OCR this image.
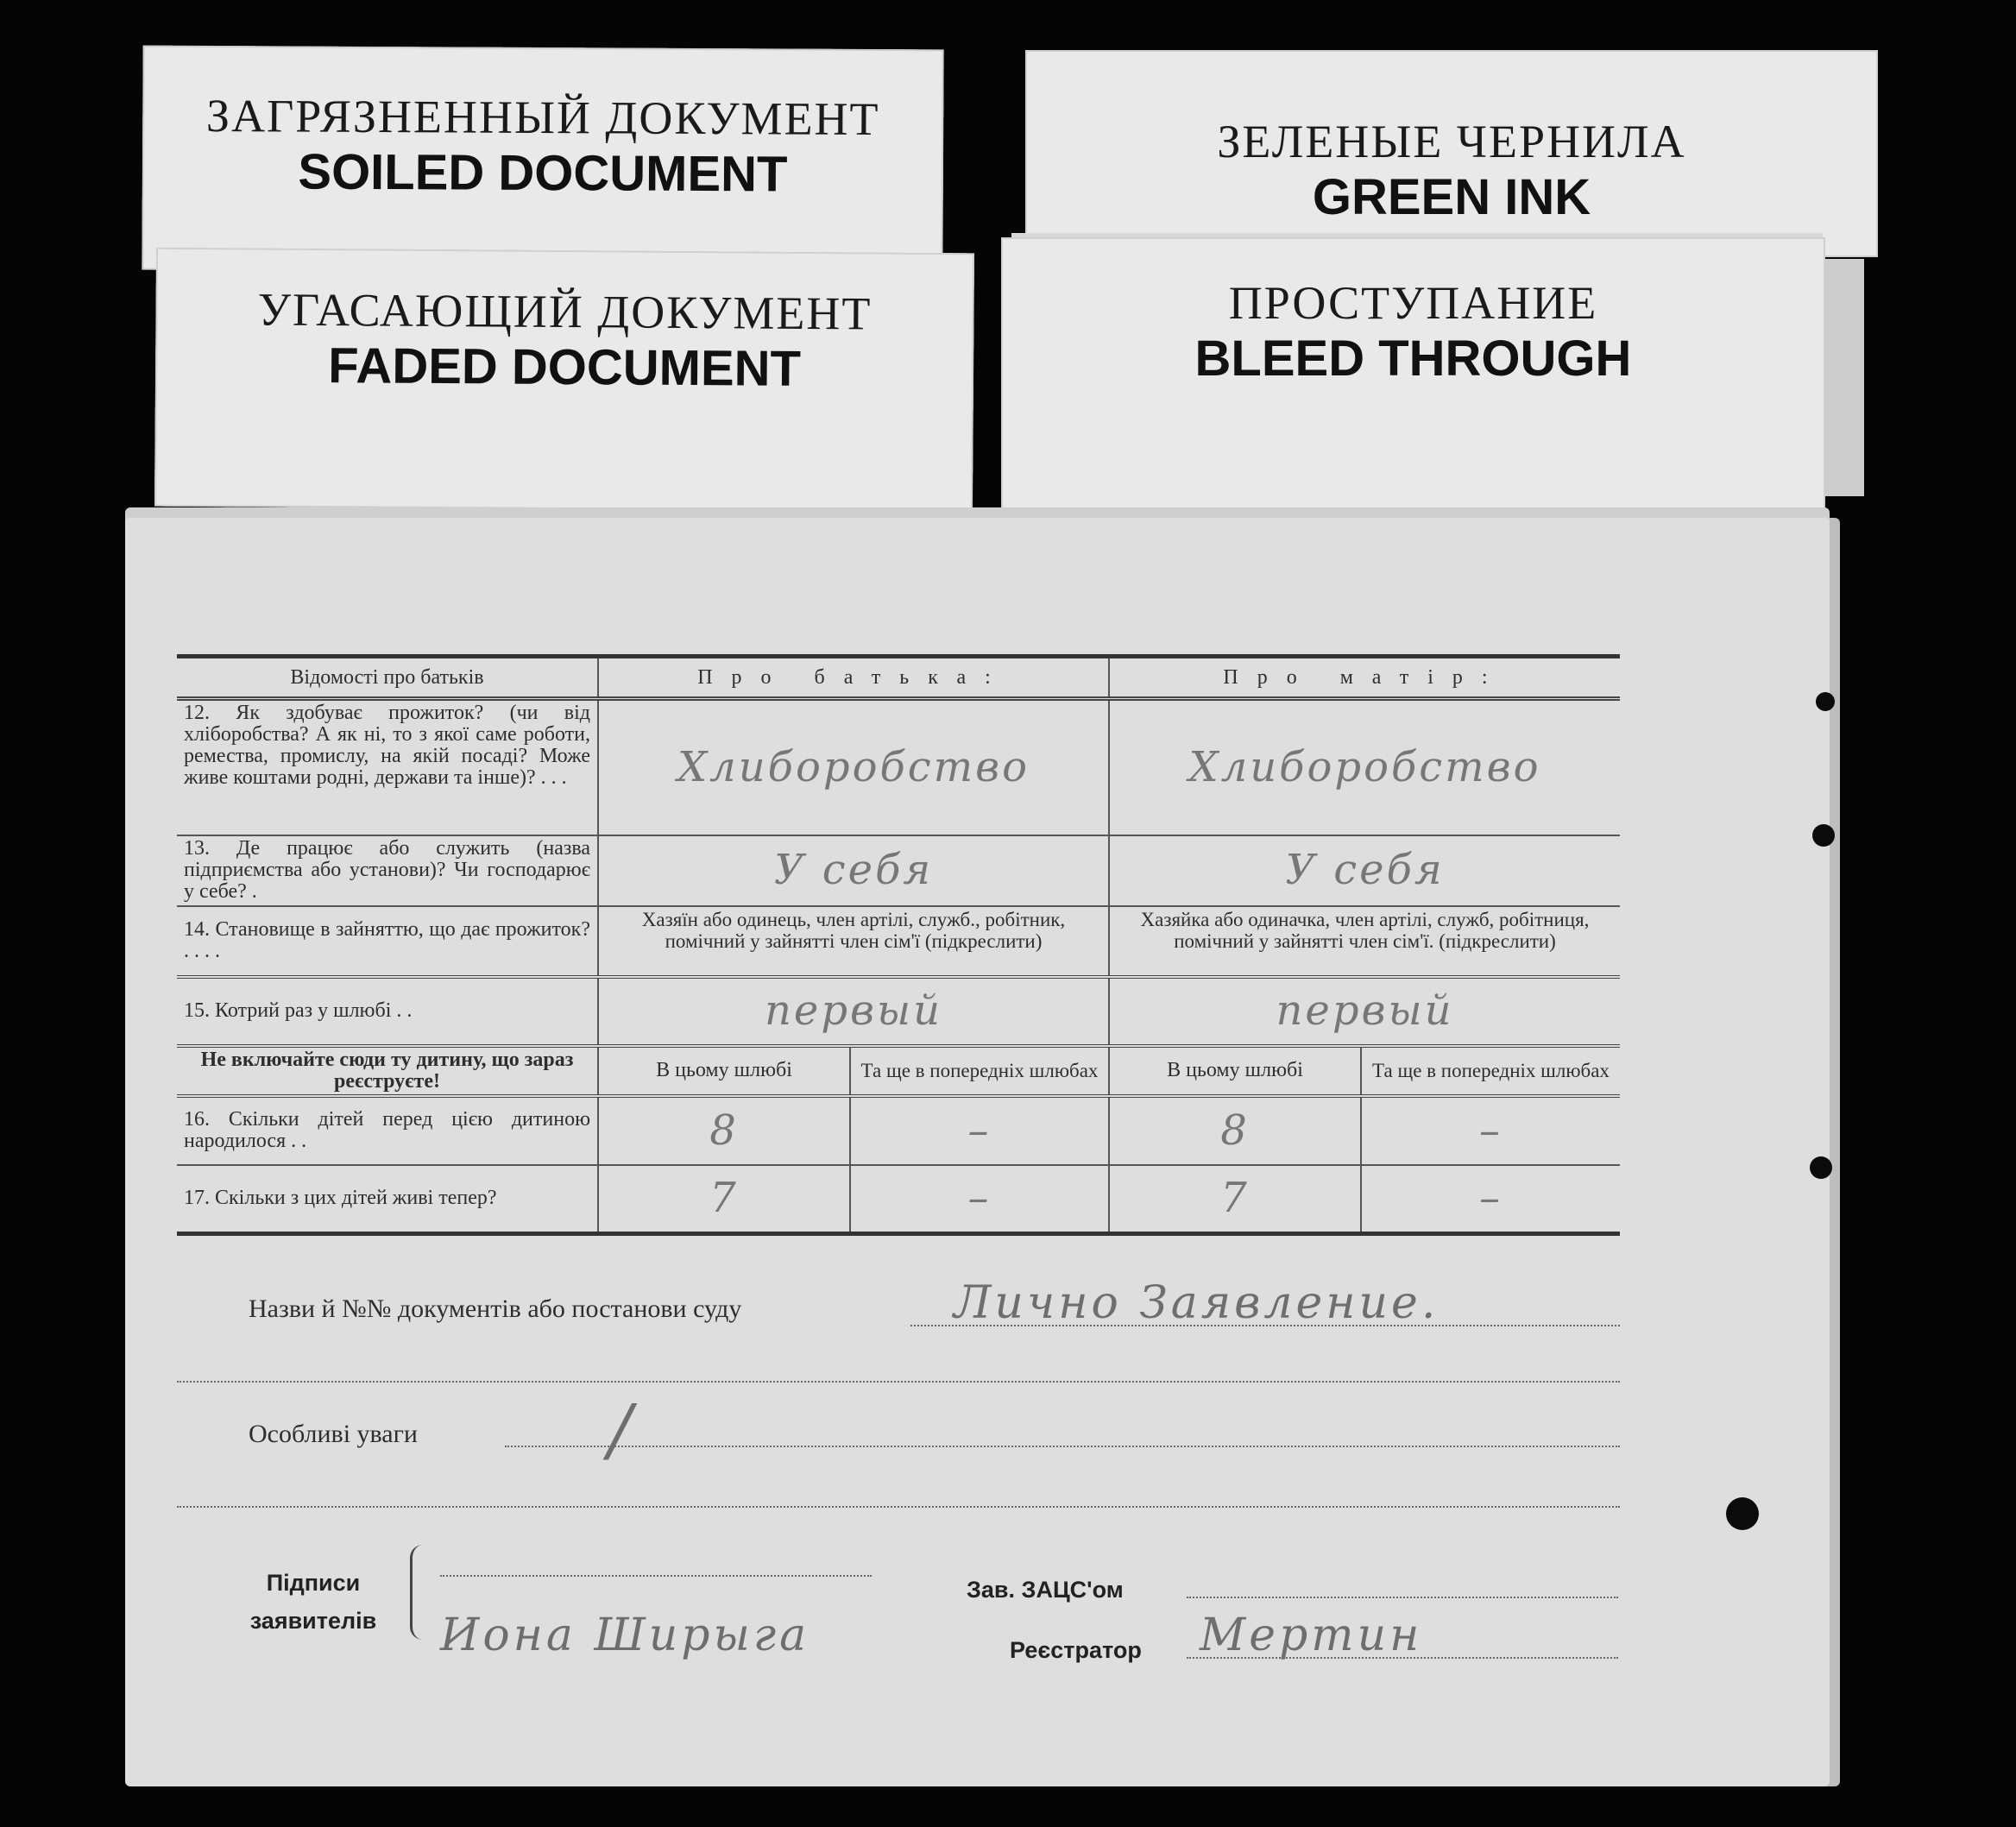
ЗАГРЯЗНЕННЫЙ ДОКУМЕНТ
SOILED DOCUMENT
ЗЕЛЕНЫЕ ЧЕРНИЛА
GREEN INK
УГАСАЮЩИЙ ДОКУМЕНТ
FADED DOCUMENT
ПРОСТУПАНИЕ
BLEED THROUGH
Відомості про батьків	Про батька:		Про матір:	
12. Як здобуває прожиток? (чи від хліборобства? А як ні, то з якої саме роботи, ремества, промислу, на якій посаді? Може живе коштами родні, держави та інше)? . . .	Хлиборобство		Хлиборобство	
13. Де працює або служить (назва підприємства або установи)? Чи господарює у себе? .	У себя		У себя	
14. Становище в зайняттю, що дає прожиток? . . . .	Хазяїн або одинець, член артілі, служб., робітник, помічний у зайнятті член сім'ї (підкреслити)		Хазяйка або одиначка, член артілі, служб, робітниця, помічний у зайнятті член сім'ї. (підкреслити)	
15. Котрий раз у шлюбі . .	первый		первый	
Не включайте сюди ту дитину, що зараз реєструєте!	В цьому шлюбі	Та ще в попередніх шлюбах	В цьому шлюбі	Та ще в попередніх шлюбах
16. Скільки дітей перед цією дитиною народилося . .	8	–	8	–
17. Скільки з цих дітей живі тепер?	7	–	7	–
Назви й №№ документів або постанови суду	Лично Заявление.
Особливі уваги	/
Підписи заявителів	Иона Ширыга
Зав. ЗАЦС'ом
Реєстратор Мертин
